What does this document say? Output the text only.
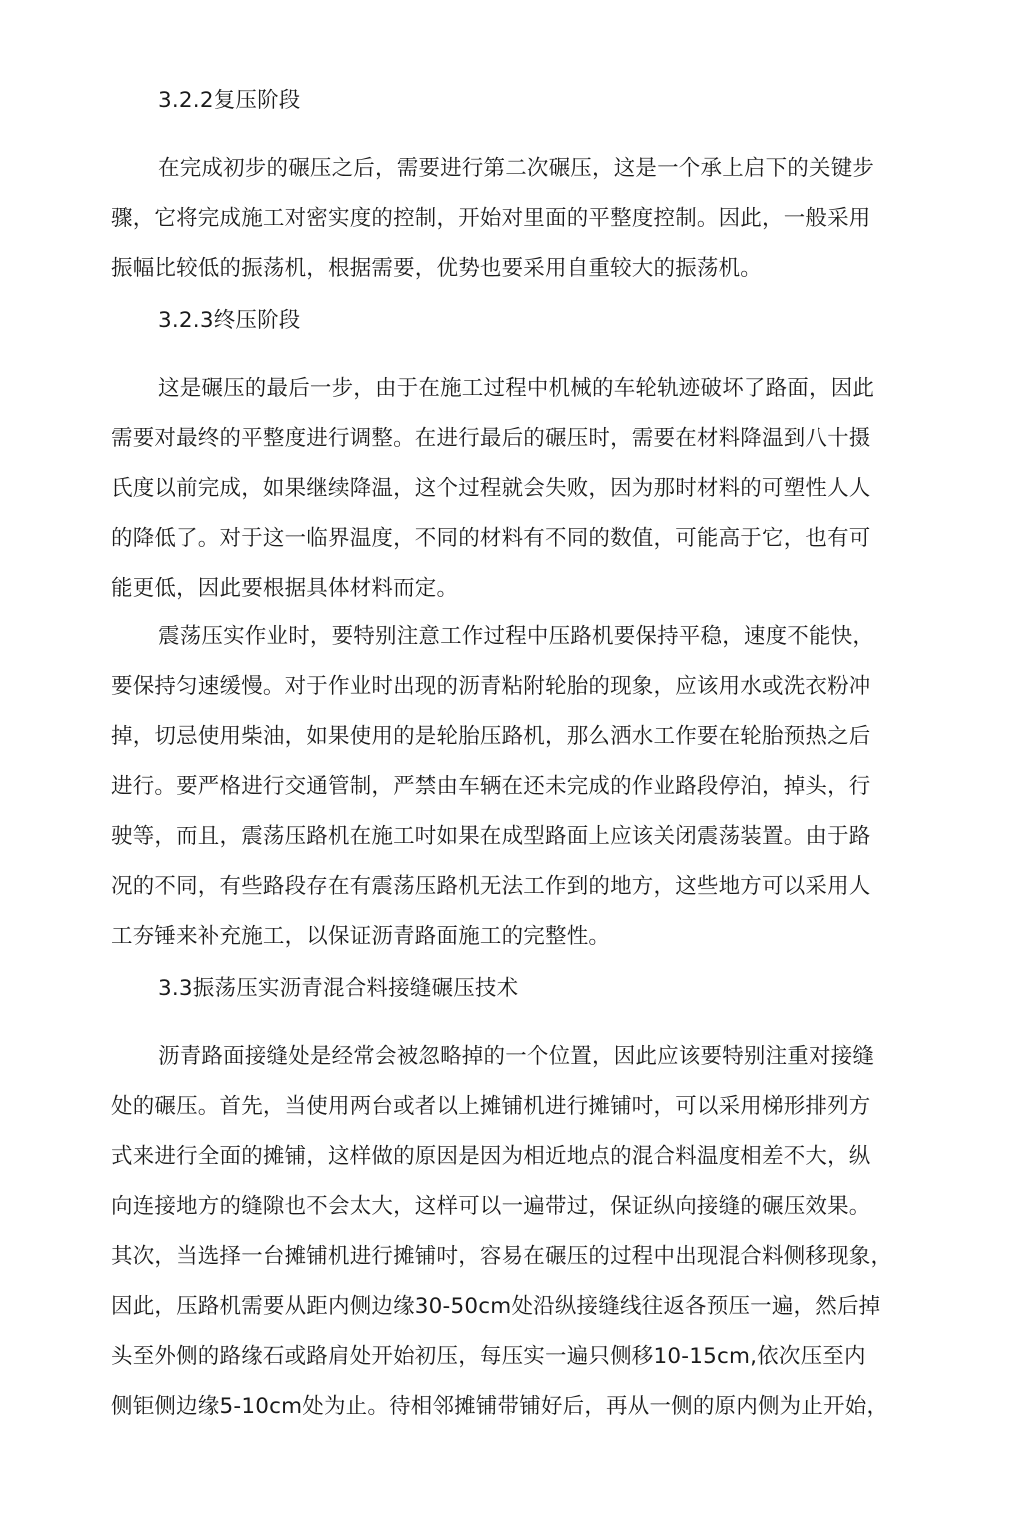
3.2.2复压阶段
在完成初步的碾压之后，需要进行第二次碾压，这是一个承上启下的关键步
骤，它将完成施工对密实度的控制，开始对里面的平整度控制。因此，一般采用
振幅比较低的振荡机，根据需要，优势也要采用自重较大的振荡机。
3.2.3终压阶段
这是碾压的最后一步，由于在施工过程中机械的车轮轨迹破坏了路面，因此
需要对最终的平整度进行调整。在进行最后的碾压时，需要在材料降温到八十摄
氏度以前完成，如果继续降温，这个过程就会失败，因为那时材料的可塑性人人
的降低了。对于这一临界温度，不同的材料有不同的数值，可能高于它，也有可
能更低，因此要根据具体材料而定。
震荡压实作业时，要特别注意工作过程中压路机要保持平稳，速度不能快，
要保持匀速缓慢。对于作业时出现的沥青粘附轮胎的现象，应该用水或洗衣粉冲
掉，切忌使用柴油，如果使用的是轮胎压路机，那么洒水工作要在轮胎预热之后
进行。要严格进行交通管制，严禁由车辆在还未完成的作业路段停泊，掉头，行
驶等，而且，震荡压路机在施工吋如果在成型路面上应该关闭震荡装置。由于路
况的不同，有些路段存在有震荡压路机无法工作到的地方，这些地方可以采用人
工夯锤来补充施工，以保证沥青路面施工的完整性。
3.3振荡压实沥青混合料接缝碾压技术
沥青路面接缝处是经常会被忽略掉的一个位置，因此应该要特别注重对接缝
处的碾压。首先，当使用两台或者以上摊铺机进行摊铺吋，可以采用梯形排列方
式来进行全面的摊铺，这样做的原因是因为相近地点的混合料温度相差不大，纵
向连接地方的缝隙也不会太大，这样可以一遍带过，保证纵向接缝的碾压效果。
其次，当选择一台摊铺机进行摊铺吋，容易在碾压的过程中出现混合料侧移现象，
因此，压路机需要从距内侧边缘30-50cm处沿纵接缝线往返各预压一遍，然后掉
头至外侧的路缘石或路肩处开始初压，每压实一遍只侧移10-15cm,依次压至内
侧钜侧边缘5-10cm处为止。待相邻摊铺带铺好后，再从一侧的原内侧为止开始，
